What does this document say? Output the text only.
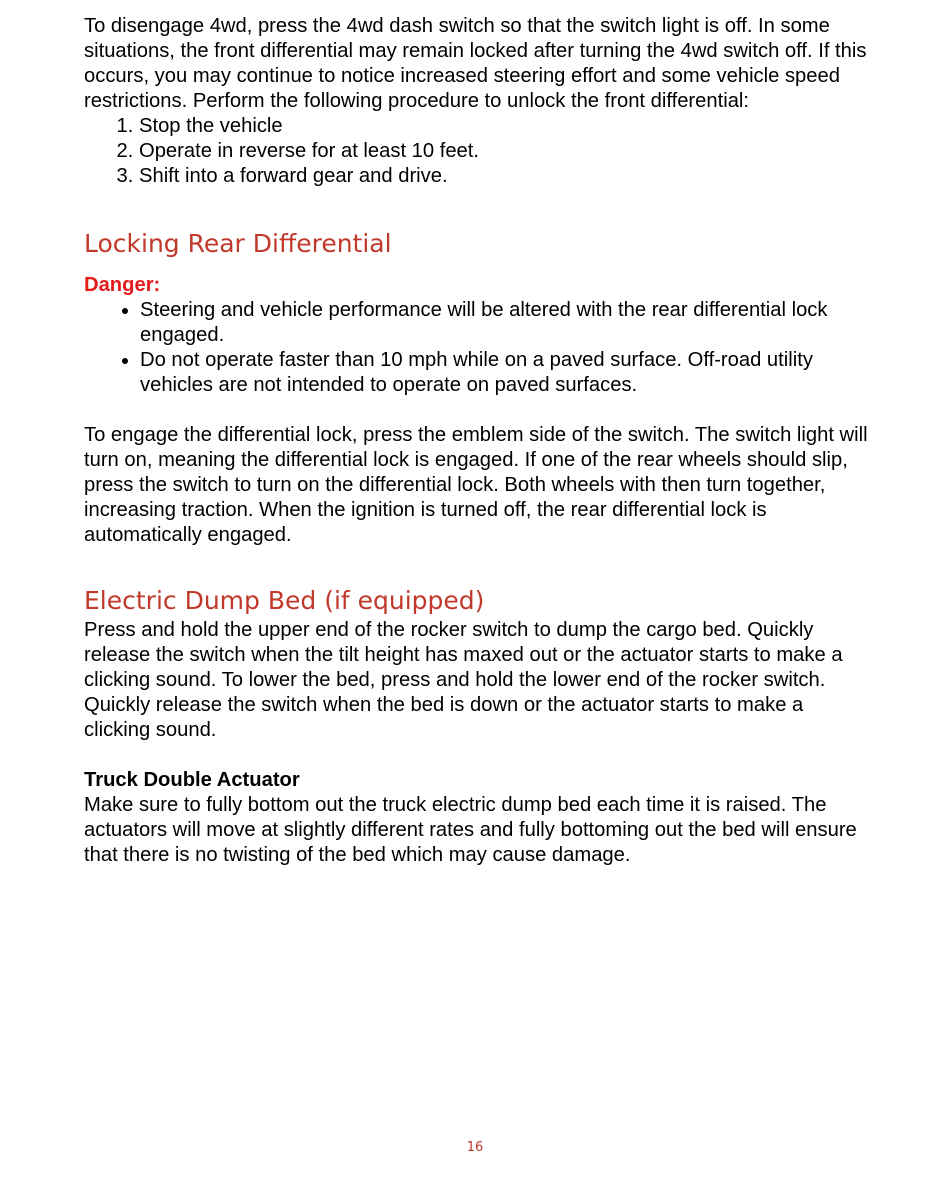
To disengage 4wd, press the 4wd dash switch so that the switch light is off. In some situations, the front differential may remain locked after turning the 4wd switch off. If this occurs, you may continue to notice increased steering effort and some vehicle speed restrictions. Perform the following procedure to unlock the front differential:

1. Stop the vehicle
2. Operate in reverse for at least 10 feet.
3. Shift into a forward gear and drive.
Locking Rear Differential

Danger:

• Steering and vehicle performance will be altered with the rear differential lock engaged.
• Do not operate faster than 10 mph while on a paved surface. Off-road utility vehicles are not intended to operate on paved surfaces.

To engage the differential lock, press the emblem side of the switch. The switch light will turn on, meaning the differential lock is engaged. If one of the rear wheels should slip, press the switch to turn on the differential lock. Both wheels with then turn together, increasing traction. When the ignition is turned off, the rear differential lock is automatically engaged.

Electric Dump Bed (if equipped)

Press and hold the upper end of the rocker switch to dump the cargo bed. Quickly release the switch when the tilt height has maxed out or the actuator starts to make a clicking sound. To lower the bed, press and hold the lower end of the rocker switch. Quickly release the switch when the bed is down or the actuator starts to make a clicking sound.

Truck Double Actuator

Make sure to fully bottom out the truck electric dump bed each time it is raised. The actuators will move at slightly different rates and fully bottoming out the bed will ensure that there is no twisting of the bed which may cause damage.

16
